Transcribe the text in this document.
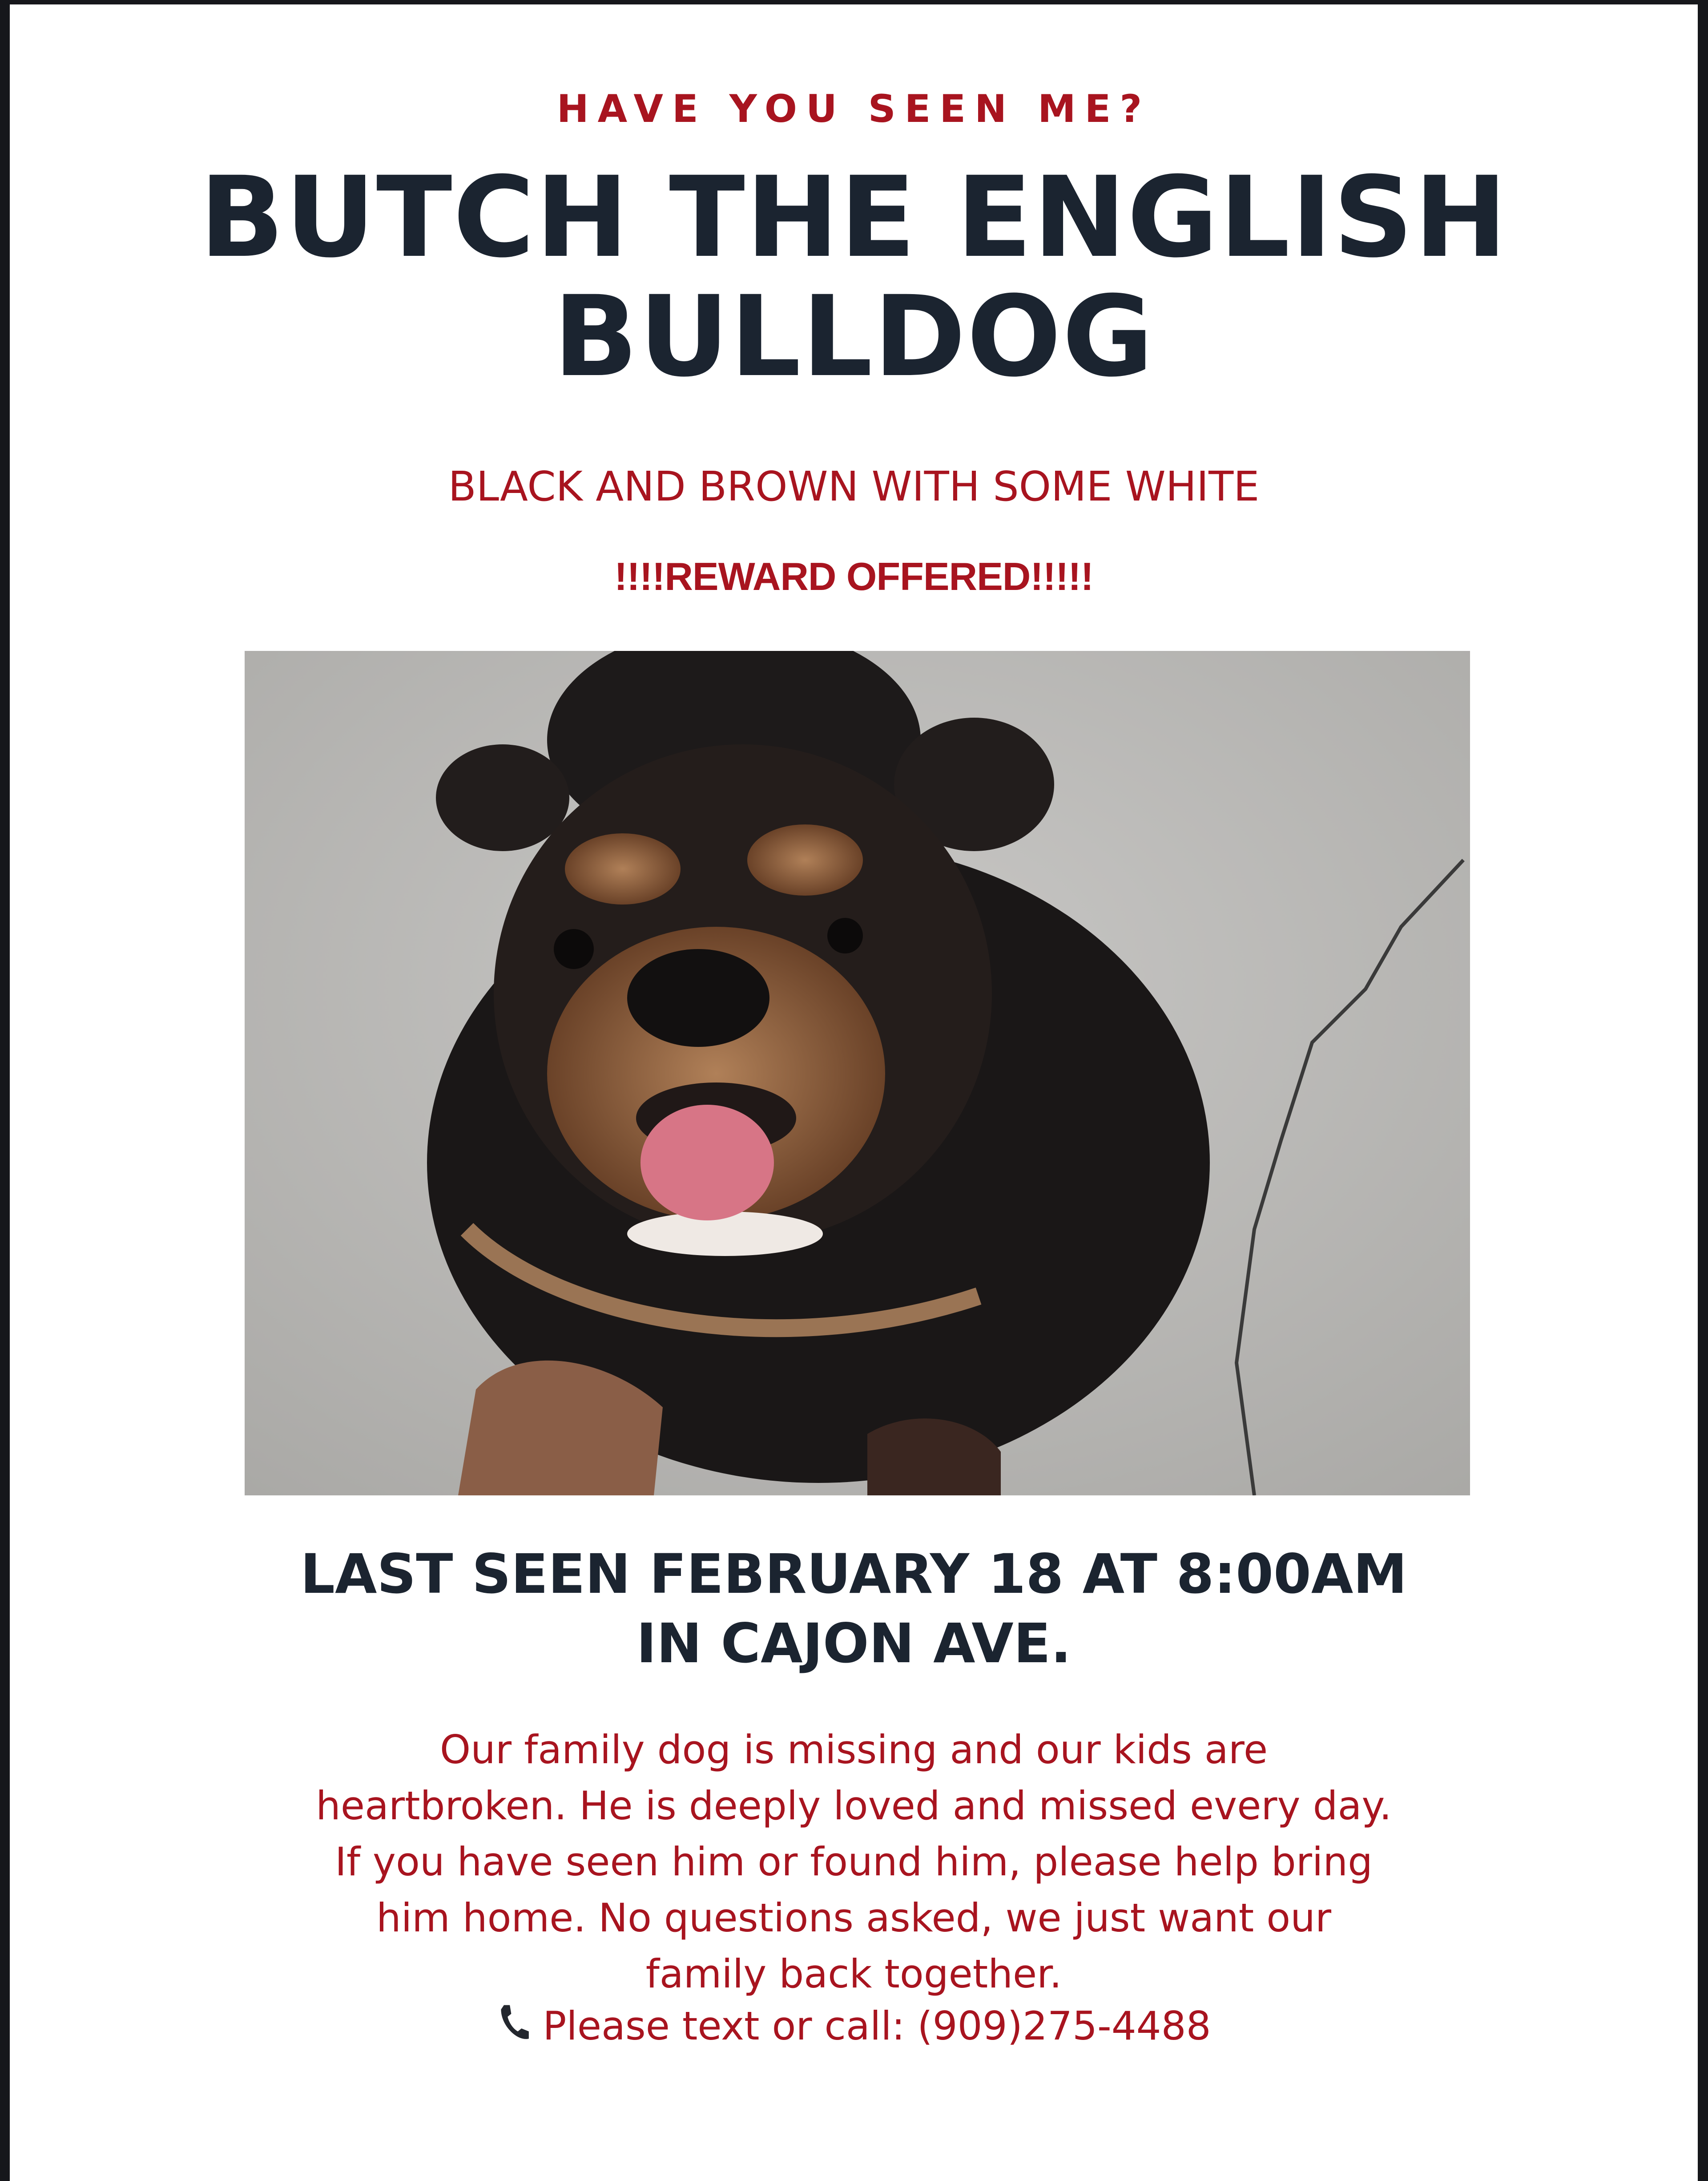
HAVE YOU SEEN ME?
BUTCH THE ENGLISH
BULLDOG
BLACK AND BROWN WITH SOME WHITE
!!!!REWARD OFFERED!!!!!
LAST SEEN FEBRUARY 18 AT 8:00AM
IN CAJON AVE.
Our family dog is missing and our kids are
heartbroken. He is deeply loved and missed every day.
If you have seen him or found him, please help bring
him home. No questions asked, we just want our
family back together.
Please text or call: (909)275-4488
